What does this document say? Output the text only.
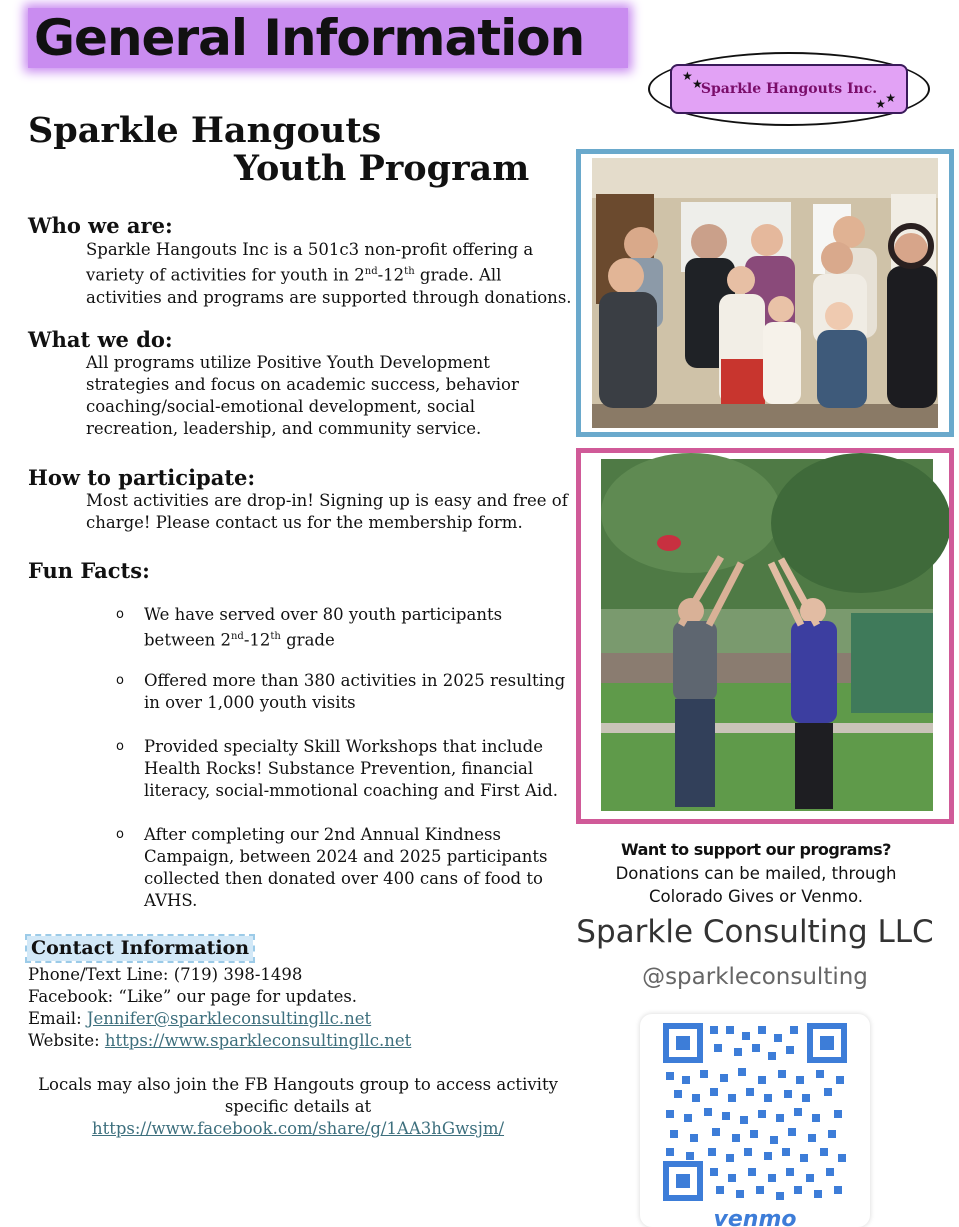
General Information
★
★
★
★
Sparkle Hangouts Inc.
Sparkle Hangouts
Youth Program
Who we are:
Sparkle Hangouts Inc is a 501c3 non-profit offering a
variety of activities for youth in 2nd-12th grade. All
activities and programs are supported through donations.
What we do:
All programs utilize Positive Youth Development
strategies and focus on academic success, behavior
coaching/social-emotional development, social
recreation, leadership, and community service.
How to participate:
Most activities are drop-in! Signing up is easy and free of
charge! Please contact us for the membership form.
Fun Facts:
o We have served over 80 youth participants
between 2nd-12th grade
o Offered more than 380 activities in 2025 resulting
in over 1,000 youth visits
o Provided specialty Skill Workshops that include
Health Rocks! Substance Prevention, financial
literacy, social-mmotional coaching and First Aid.
o After completing our 2nd Annual Kindness
Campaign, between 2024 and 2025 participants
collected then donated over 400 cans of food to
AVHS.
Contact Information
Phone/Text Line: (719) 398-1498
Facebook: “Like” our page for updates.
Email: Jennifer@sparkleconsultingllc.net
Website: https://www.sparkleconsultingllc.net
Locals may also join the FB Hangouts group to access activity
specific details at
https://www.facebook.com/share/g/1AA3hGwsjm/
Want to support our programs?
Donations can be mailed, through
Colorado Gives or Venmo.
Sparkle Consulting LLC
@sparkleconsulting
venmo
